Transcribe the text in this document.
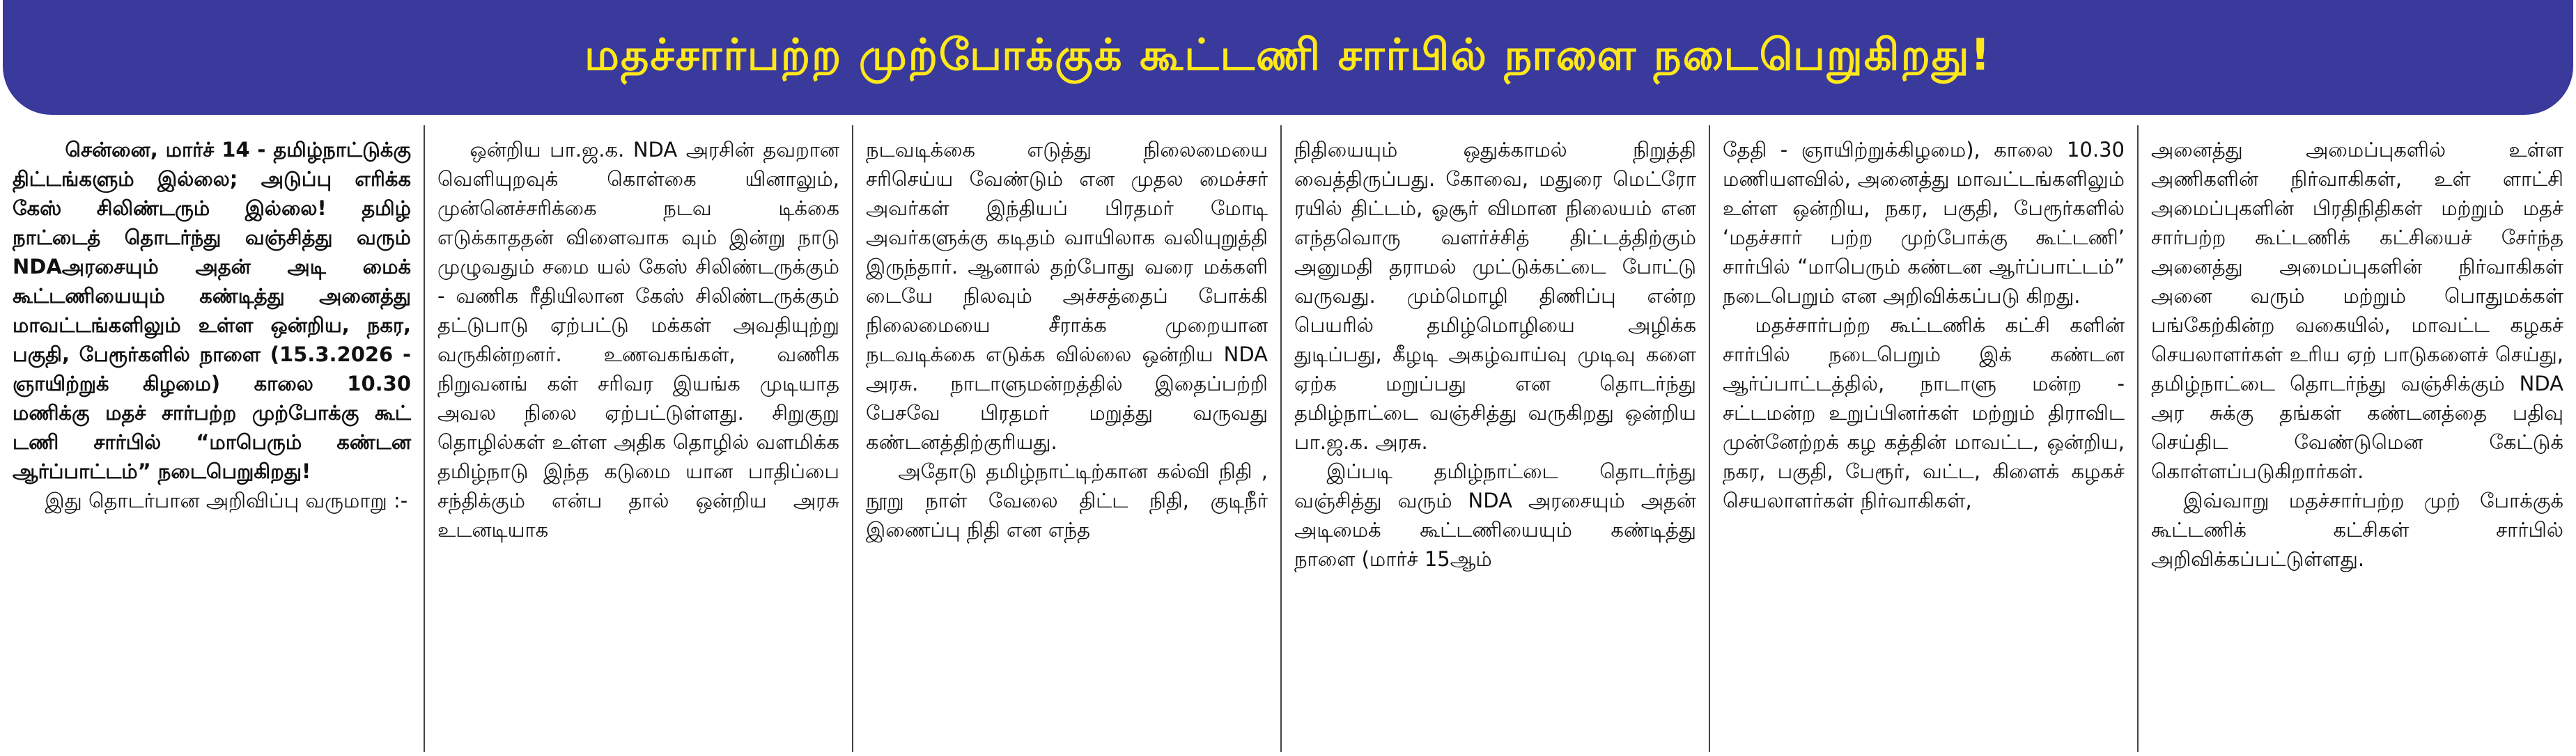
மதச்சார்பற்ற முற்போக்குக் கூட்டணி சார்பில் நாளை நடைபெறுகிறது!

சென்னை, மார்ச் 14 - தமிழ்நாட்டுக்கு திட்டங்களும் இல்லை; அடுப்பு எரிக்க கேஸ் சிலிண்டரும் இல்லை! தமிழ் நாட்டைத் தொடர்ந்து வஞ்சித்து வரும் NDAஅரசையும் அதன் அடி மைக் கூட்டணியையும் கண்டித்து அனைத்து மாவட்டங்களிலும் உள்ள ஒன்றிய, நகர, பகுதி, பேரூர்களில் நாளை (15.3.2026 - ஞாயிற்றுக் கிழமை) காலை 10.30 மணிக்கு மதச் சார்பற்ற முற்போக்கு கூட் டணி சார்பில் “மாபெரும் கண்டன ஆர்ப்பாட்டம்” நடைபெறுகிறது!

இது தொடர்பான அறிவிப்பு வருமாறு :-

ஒன்றிய பா.ஜ.க. NDA அரசின் தவறான வெளியுறவுக் கொள்கை யினாலும், முன்னெச்சரிக்கை நடவ டிக்கை எடுக்காததன் விளைவாக வும் இன்று நாடு முழுவதும் சமை யல் கேஸ் சிலிண்டருக்கும் - வணிக ரீதியிலான கேஸ் சிலிண்டருக்கும் தட்டுபாடு ஏற்பட்டு மக்கள் அவதியுற்று வருகின்றனர். உணவகங்கள், வணிக நிறுவனங் கள் சரிவர இயங்க முடியாத அவல நிலை ஏற்பட்டுள்ளது. சிறுகுறு தொழில்கள் உள்ள அதிக தொழில் வளமிக்க தமிழ்நாடு இந்த கடுமை யான பாதிப்பை சந்திக்கும் என்ப தால் ஒன்றிய அரசு உடனடியாக

நடவடிக்கை எடுத்து நிலைமையை சரிசெய்ய வேண்டும் என முதல மைச்சர் அவர்கள் இந்தியப் பிரதமர் மோடி அவர்களுக்கு கடிதம் வாயிலாக வலியுறுத்தி இருந்தார். ஆனால் தற்போது வரை மக்களி டையே நிலவும் அச்சத்தைப் போக்கி நிலைமையை சீராக்க முறையான நடவடிக்கை எடுக்க வில்லை ஒன்றிய NDA அரசு. நாடாளுமன்றத்தில் இதைப்பற்றி பேசவே பிரதமர் மறுத்து வருவது கண்டனத்திற்குரியது.

அதோடு தமிழ்நாட்டிற்கான கல்வி நிதி , நூறு நாள் வேலை திட்ட நிதி, குடிநீர் இணைப்பு நிதி என எந்த

நிதியையும் ஒதுக்காமல் நிறுத்தி வைத்திருப்பது. கோவை, மதுரை மெட்ரோ ரயில் திட்டம், ஓசூர் விமான நிலையம் என எந்தவொரு வளர்ச்சித் திட்டத்திற்கும் அனுமதி தராமல் முட்டுக்கட்டை போட்டு வருவது. மும்மொழி திணிப்பு என்ற பெயரில் தமிழ்மொழியை அழிக்க துடிப்பது, கீழடி அகழ்வாய்வு முடிவு களை ஏற்க மறுப்பது என தொடர்ந்து தமிழ்நாட்டை வஞ்சித்து வருகிறது ஒன்றிய பா.ஜ.க. அரசு.

இப்படி தமிழ்நாட்டை தொடர்ந்து வஞ்சித்து வரும் NDA அரசையும் அதன் அடிமைக் கூட்டணியையும் கண்டித்து நாளை (மார்ச் 15ஆம்

தேதி - ஞாயிற்றுக்கிழமை), காலை 10.30 மணியளவில், அனைத்து மாவட்டங்களிலும் உள்ள ஒன்றிய, நகர, பகுதி, பேரூர்களில் ‘மதச்சார் பற்ற முற்போக்கு கூட்டணி’ சார்பில் “மாபெரும் கண்டன ஆர்ப்பாட்டம்” நடைபெறும் என அறிவிக்கப்படு கிறது.

மதச்சார்பற்ற கூட்டணிக் கட்சி களின் சார்பில் நடைபெறும் இக் கண்டன ஆர்ப்பாட்டத்தில், நாடாளு மன்ற - சட்டமன்ற உறுப்பினர்கள் மற்றும் திராவிட முன்னேற்றக் கழ கத்தின் மாவட்ட, ஒன்றிய, நகர, பகுதி, பேரூர், வட்ட, கிளைக் கழகச் செயலாளர்கள் நிர்வாகிகள்,

அனைத்து அமைப்புகளில் உள்ள அணிகளின் நிர்வாகிகள், உள் ளாட்சி அமைப்புகளின் பிரதிநிதிகள் மற்றும் மதச் சார்பற்ற கூட்டணிக் கட்சியைச் சேர்ந்த அனைத்து அமைப்புகளின் நிர்வாகிகள் அனை வரும் மற்றும் பொதுமக்கள் பங்கேற்கின்ற வகையில், மாவட்ட கழகச் செயலாளர்கள் உரிய ஏற் பாடுகளைச் செய்து, தமிழ்நாட்டை தொடர்ந்து வஞ்சிக்கும் NDA அர சுக்கு தங்கள் கண்டனத்தை பதிவு செய்திட வேண்டுமென கேட்டுக் கொள்ளப்படுகிறார்கள்.

இவ்வாறு மதச்சார்பற்ற முற் போக்குக் கூட்டணிக் கட்சிகள் சார்பில் அறிவிக்கப்பட்டுள்ளது.
